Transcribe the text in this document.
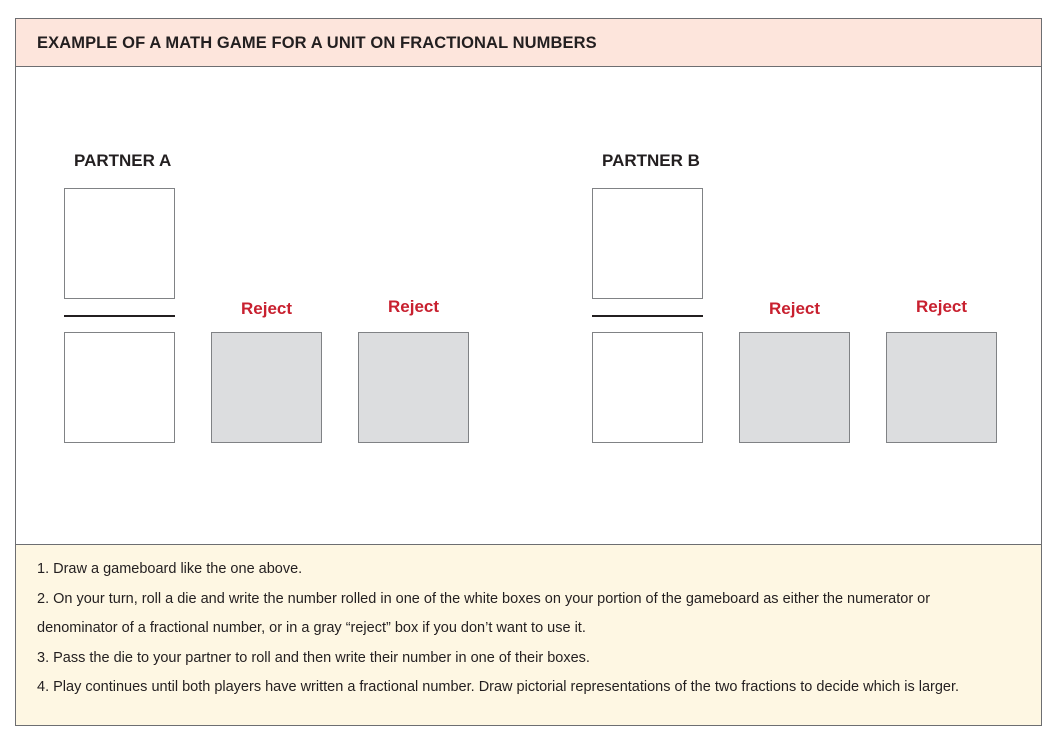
EXAMPLE OF A MATH GAME FOR A UNIT ON FRACTIONAL NUMBERS
PARTNER A
Reject	Reject
PARTNER B
Reject	Reject
1. Draw a gameboard like the one above.
2. On your turn, roll a die and write the number rolled in one of the white boxes on your portion of the gameboard as either the numerator or
denominator of a fractional number, or in a gray “reject” box if you don’t want to use it.
3. Pass the die to your partner to roll and then write their number in one of their boxes.
4. Play continues until both players have written a fractional number. Draw pictorial representations of the two fractions to decide which is larger.
